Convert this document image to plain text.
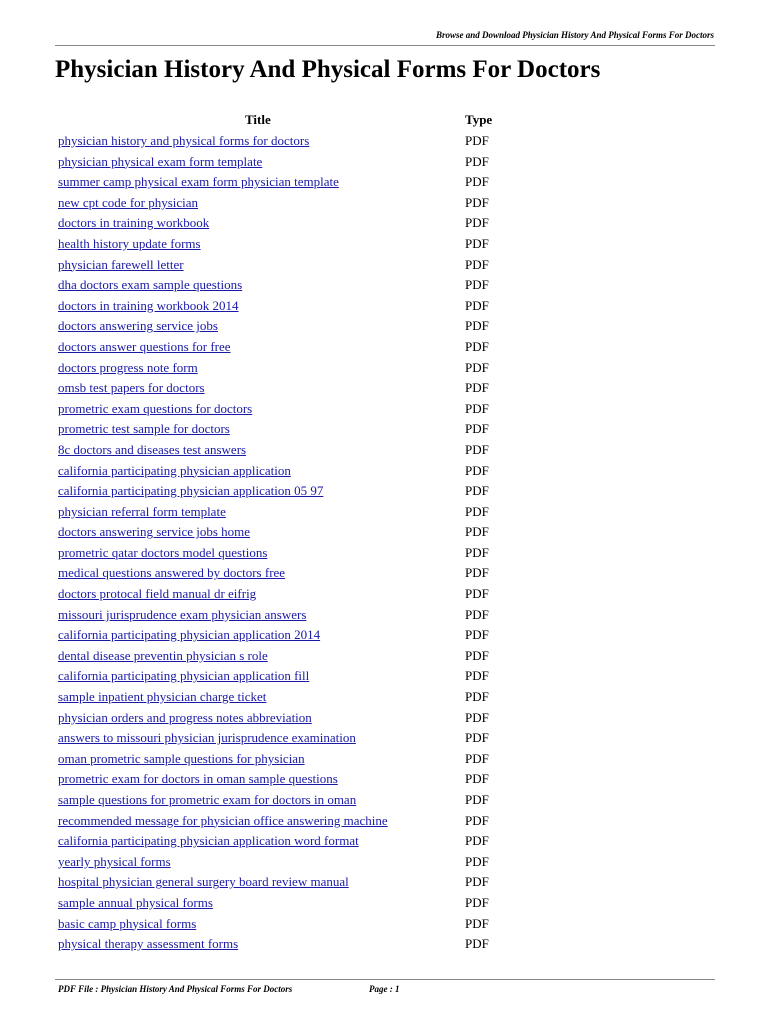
Browse and Download Physician History And Physical Forms For Doctors
Physician History And Physical Forms For Doctors
Title	Type
physician history and physical forms for doctors	PDF
physician physical exam form template	PDF
summer camp physical exam form physician template	PDF
new cpt code for physician	PDF
doctors in training workbook	PDF
health history update forms	PDF
physician farewell letter	PDF
dha doctors exam sample questions	PDF
doctors in training workbook 2014	PDF
doctors answering service jobs	PDF
doctors answer questions for free	PDF
doctors progress note form	PDF
omsb test papers for doctors	PDF
prometric exam questions for doctors	PDF
prometric test sample for doctors	PDF
8c doctors and diseases test answers	PDF
california participating physician application	PDF
california participating physician application 05 97	PDF
physician referral form template	PDF
doctors answering service jobs home	PDF
prometric qatar doctors model questions	PDF
medical questions answered by doctors free	PDF
doctors protocal field manual dr eifrig	PDF
missouri jurisprudence exam physician answers	PDF
california participating physician application 2014	PDF
dental disease preventin physician s role	PDF
california participating physician application fill	PDF
sample inpatient physician charge ticket	PDF
physician orders and progress notes abbreviation	PDF
answers to missouri physician jurisprudence examination	PDF
oman prometric sample questions for physician	PDF
prometric exam for doctors in oman sample questions	PDF
sample questions for prometric exam for doctors in oman	PDF
recommended message for physician office answering machine	PDF
california participating physician application word format	PDF
yearly physical forms	PDF
hospital physician general surgery board review manual	PDF
sample annual physical forms	PDF
basic camp physical forms	PDF
physical therapy assessment forms	PDF
PDF File : Physician History And Physical Forms For Doctors	Page : 1
